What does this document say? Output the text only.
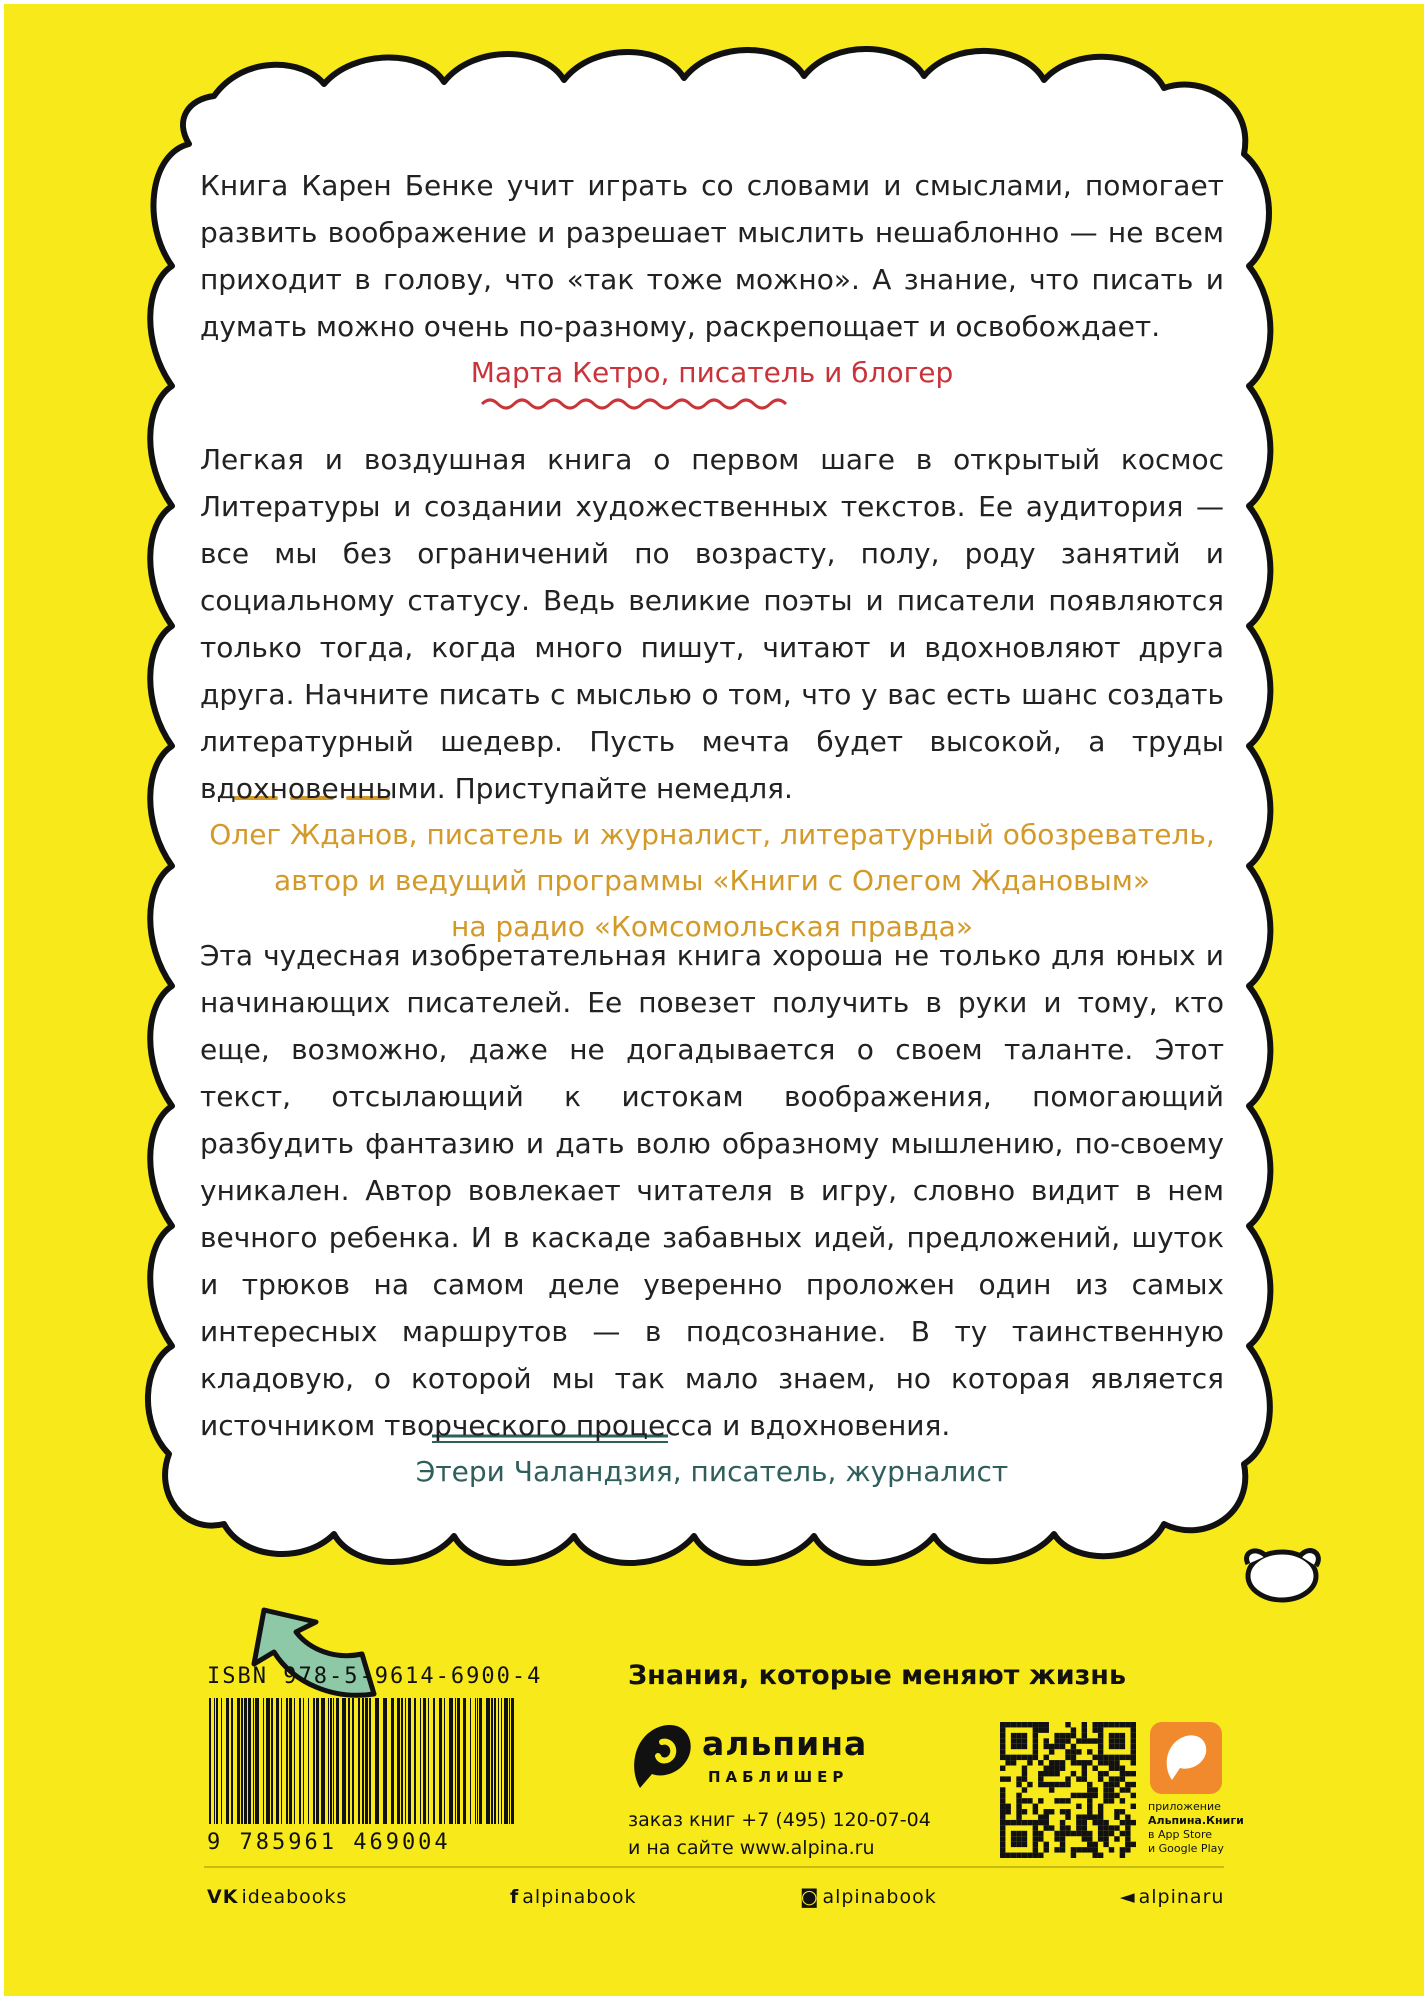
Книга Карен Бенке учит играть со словами и смыслами, помогает развить воображение и разрешает мыслить нешаблонно — не всем приходит в голову, что «так тоже можно». А знание, что писать и думать можно очень по-разному, раскрепощает и освобождает.

Марта Кетро, писатель и блогер

Легкая и воздушная книга о первом шаге в открытый космос Литературы и создании художественных текстов. Ее аудитория — все мы без ограничений по возрасту, полу, роду занятий и социальному статусу. Ведь великие поэты и писатели появляются только тогда, когда много пишут, читают и вдохновляют друга друга. Начните писать с мыслью о том, что у вас есть шанс создать литературный шедевр. Пусть мечта будет высокой, а труды вдохновенными. Приступайте немедля.

Олег Жданов, писатель и журналист, литературный обозреватель,
автор и ведущий программы «Книги с Олегом Ждановым»
на радио «Комсомольская правда»

Эта чудесная изобретательная книга хороша не только для юных и начинающих писателей. Ее повезет получить в руки и тому, кто еще, возможно, даже не догадывается о своем таланте. Этот текст, отсылающий к истокам воображения, помогающий разбудить фантазию и дать волю образному мышлению, по-своему уникален. Автор вовлекает читателя в игру, словно видит в нем вечного ребенка. И в каскаде забавных идей, предложений, шуток и трюков на самом деле уверенно проложен один из самых интересных маршрутов — в подсознание. В ту таинственную кладовую, о которой мы так мало знаем, но которая является источником творческого процесса и вдохновения.

Этери Чаландзия, писатель, журналист
ISBN 978-5-9614-6900-4
9 785961 469004
Знания, которые меняют жизнь
альпина
ПАБЛИШЕР
заказ книг +7 (495) 120-07-04
и на сайте www.alpina.ru
приложение
Альпина.Книги
в App Store
и Google Play
VK ideabooks	f alpinabook	◙ alpinabook	◄ alpinaru
